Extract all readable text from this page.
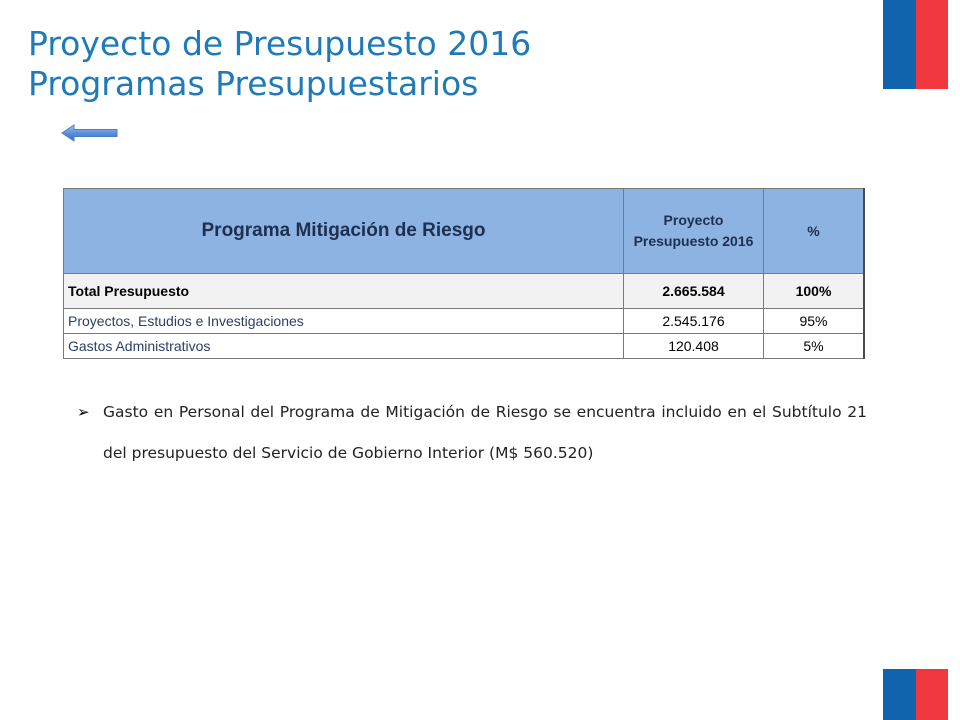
Proyecto de Presupuesto 2016
Programas Presupuestarios
Programa Mitigación de Riesgo	Proyecto Presupuesto 2016	%
Total Presupuesto	2.665.584	100%
Proyectos, Estudios e Investigaciones	2.545.176	95%
Gastos Administrativos	120.408	5%
➢ Gasto en Personal del Programa de Mitigación de Riesgo se encuentra incluido en el Subtítulo 21 del presupuesto del Servicio de Gobierno Interior (M$ 560.520)
